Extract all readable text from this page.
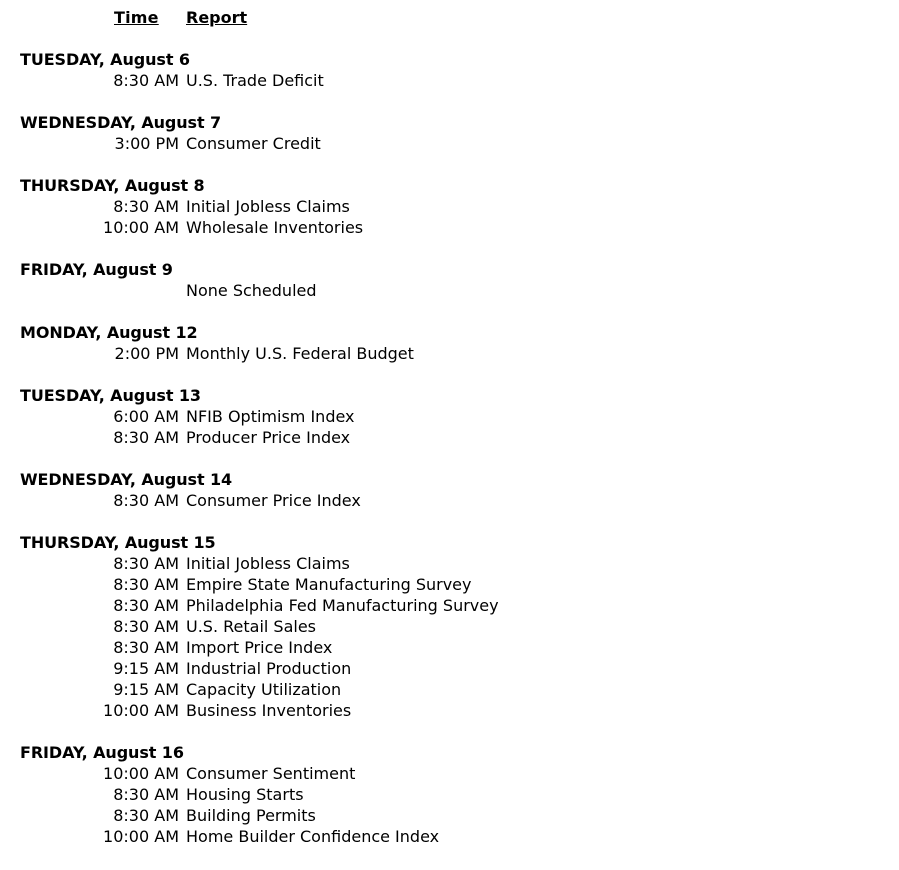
Time	Report
TUESDAY, August 6
8:30 AM U.S. Trade Deficit
WEDNESDAY, August 7
3:00 PM Consumer Credit
THURSDAY, August 8
8:30 AM Initial Jobless Claims
10:00 AM Wholesale Inventories
FRIDAY, August 9
None Scheduled
MONDAY, August 12
2:00 PM Monthly U.S. Federal Budget
TUESDAY, August 13
6:00 AM NFIB Optimism Index
8:30 AM Producer Price Index
WEDNESDAY, August 14
8:30 AM Consumer Price Index
THURSDAY, August 15
8:30 AM Initial Jobless Claims
8:30 AM Empire State Manufacturing Survey
8:30 AM Philadelphia Fed Manufacturing Survey
8:30 AM U.S. Retail Sales
8:30 AM Import Price Index
9:15 AM Industrial Production
9:15 AM Capacity Utilization
10:00 AM Business Inventories
FRIDAY, August 16
10:00 AM Consumer Sentiment
8:30 AM Housing Starts
8:30 AM Building Permits
10:00 AM Home Builder Confidence Index
